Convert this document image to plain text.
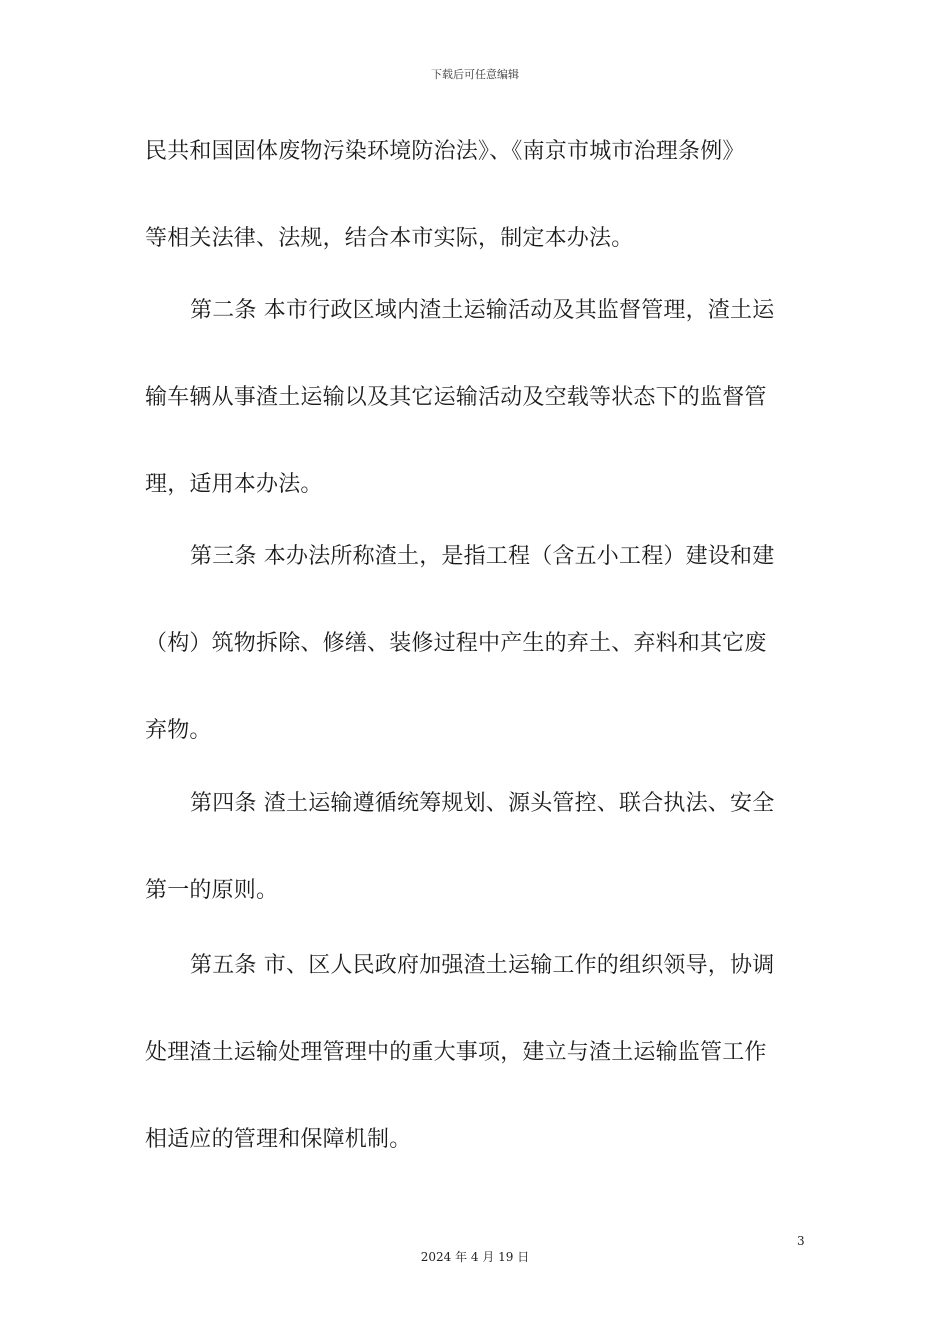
下载后可任意编辑
民共和国固体废物污染环境防治法》、《南京市城市治理条例》
等相关法律、法规，结合本市实际，制定本办法。
第二条 本市行政区域内渣土运输活动及其监督管理，渣土运
输车辆从事渣土运输以及其它运输活动及空载等状态下的监督管
理，适用本办法。
第三条 本办法所称渣土，是指工程（含五小工程）建设和建
（构）筑物拆除、修缮、装修过程中产生的弃土、弃料和其它废
弃物。
第四条 渣土运输遵循统筹规划、源头管控、联合执法、安全
第一的原则。
第五条 市、区人民政府加强渣土运输工作的组织领导，协调
处理渣土运输处理管理中的重大事项，建立与渣土运输监管工作
相适应的管理和保障机制。
3
2024 年 4 月 19 日
